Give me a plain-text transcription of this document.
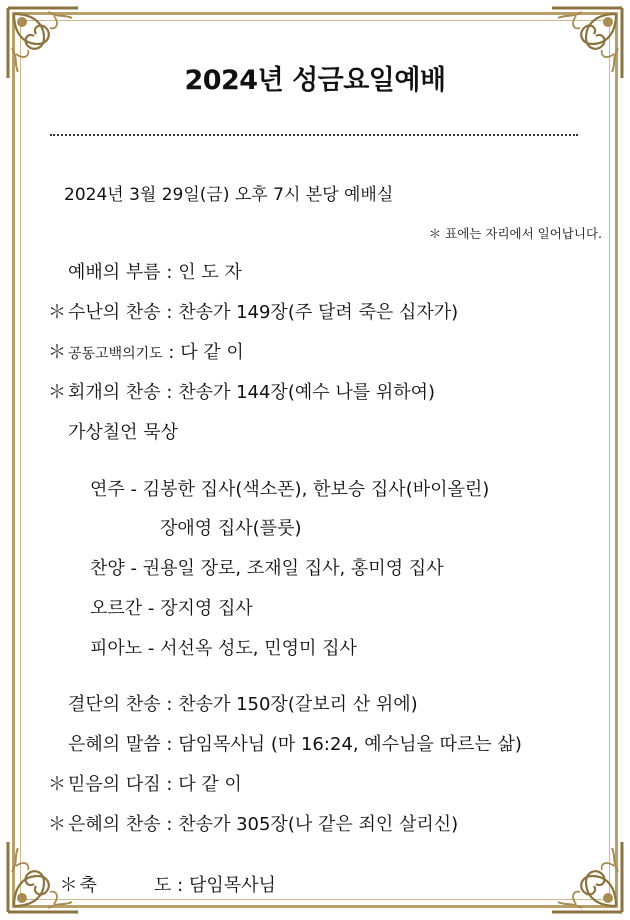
2024년 성금요일예배
2024년 3월 29일(금) 오후 7시 본당 예배실
＊ 표에는 자리에서 일어납니다.
예배의 부름 : 인 도 자
＊ 수난의 찬송 : 찬송가 149장(주 달려 죽은 십자가)
＊ 공동고백의기도 : 다 같 이
＊ 회개의 찬송 : 찬송가 144장(예수 나를 위하여)
가상칠언 묵상
연주 - 김봉한 집사(색소폰), 한보승 집사(바이올린)
장애영 집사(플룻)
찬양 - 권용일 장로, 조재일 집사, 홍미영 집사
오르간 - 장지영 집사
피아노 - 서선옥 성도, 민영미 집사
결단의 찬송 : 찬송가 150장(갈보리 산 위에)
은혜의 말씀 : 담임목사님 (마 16:24, 예수님을 따르는 삶)
＊ 믿음의 다짐 : 다 같 이
＊ 은혜의 찬송 : 찬송가 305장(나 같은 죄인 살리신)

＊ 축          도 : 담임목사님
